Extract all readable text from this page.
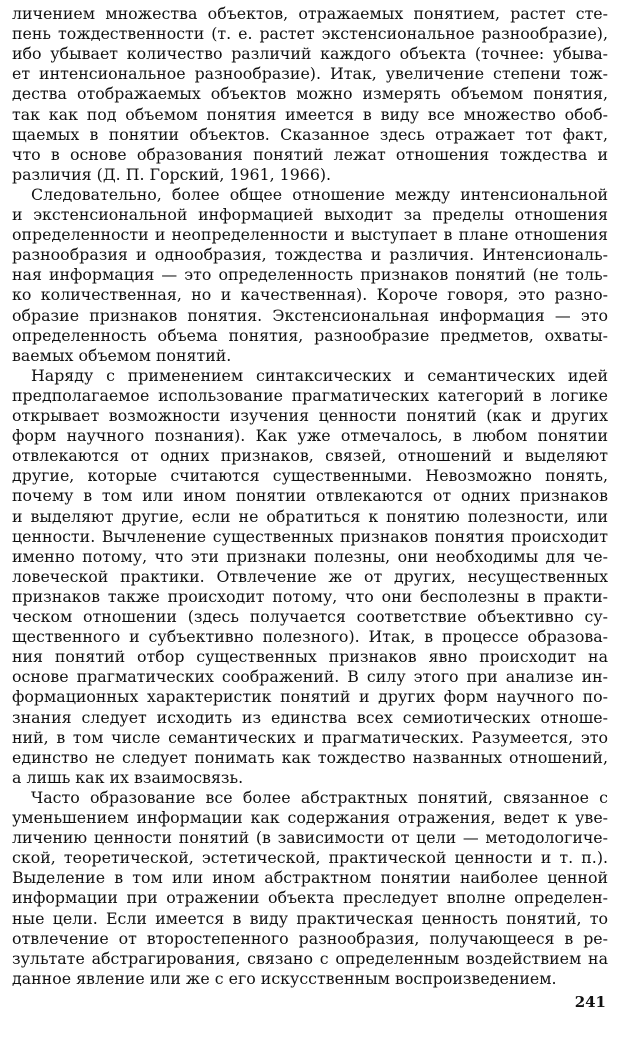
личением множества объектов, отражаемых понятием, растет сте-
пень тождественности (т. е. растет экстенсиональное разнообразие),
ибо убывает количество различий каждого объекта (точнее: убыва-
ет интенсиональное разнообразие). Итак, увеличение степени тож-
дества отображаемых объектов можно измерять объемом понятия,
так как под объемом понятия имеется в виду все множество обоб-
щаемых в понятии объектов. Сказанное здесь отражает тот факт,
что в основе образования понятий лежат отношения тождества и
различия (Д. П. Горский, 1961, 1966).
Следовательно, более общее отношение между интенсиональной
и экстенсиональной информацией выходит за пределы отношения
определенности и неопределенности и выступает в плане отношения
разнообразия и однообразия, тождества и различия. Интенсиональ-
ная информация — это определенность признаков понятий (не толь-
ко количественная, но и качественная). Короче говоря, это разно-
образие признаков понятия. Экстенсиональная информация — это
определенность объема понятия, разнообразие предметов, охваты-
ваемых объемом понятий.
Наряду с применением синтаксических и семантических идей
предполагаемое использование прагматических категорий в логике
открывает возможности изучения ценности понятий (как и других
форм научного познания). Как уже отмечалось, в любом понятии
отвлекаются от одних признаков, связей, отношений и выделяют
другие, которые считаются существенными. Невозможно понять,
почему в том или ином понятии отвлекаются от одних признаков
и выделяют другие, если не обратиться к понятию полезности, или
ценности. Вычленение существенных признаков понятия происходит
именно потому, что эти признаки полезны, они необходимы для че-
ловеческой практики. Отвлечение же от других, несущественных
признаков также происходит потому, что они бесполезны в практи-
ческом отношении (здесь получается соответствие объективно су-
щественного и субъективно полезного). Итак, в процессе образова-
ния понятий отбор существенных признаков явно происходит на
основе прагматических соображений. В силу этого при анализе ин-
формационных характеристик понятий и других форм научного по-
знания следует исходить из единства всех семиотических отноше-
ний, в том числе семантических и прагматических. Разумеется, это
единство не следует понимать как тождество названных отношений,
а лишь как их взаимосвязь.
Часто образование все более абстрактных понятий, связанное с
уменьшением информации как содержания отражения, ведет к уве-
личению ценности понятий (в зависимости от цели — методологиче-
ской, теоретической, эстетической, практической ценности и т. п.).
Выделение в том или ином абстрактном понятии наиболее ценной
информации при отражении объекта преследует вполне определен-
ные цели. Если имеется в виду практическая ценность понятий, то
отвлечение от второстепенного разнообразия, получающееся в ре-
зультате абстрагирования, связано с определенным воздействием на
данное явление или же с его искусственным воспроизведением.
241
